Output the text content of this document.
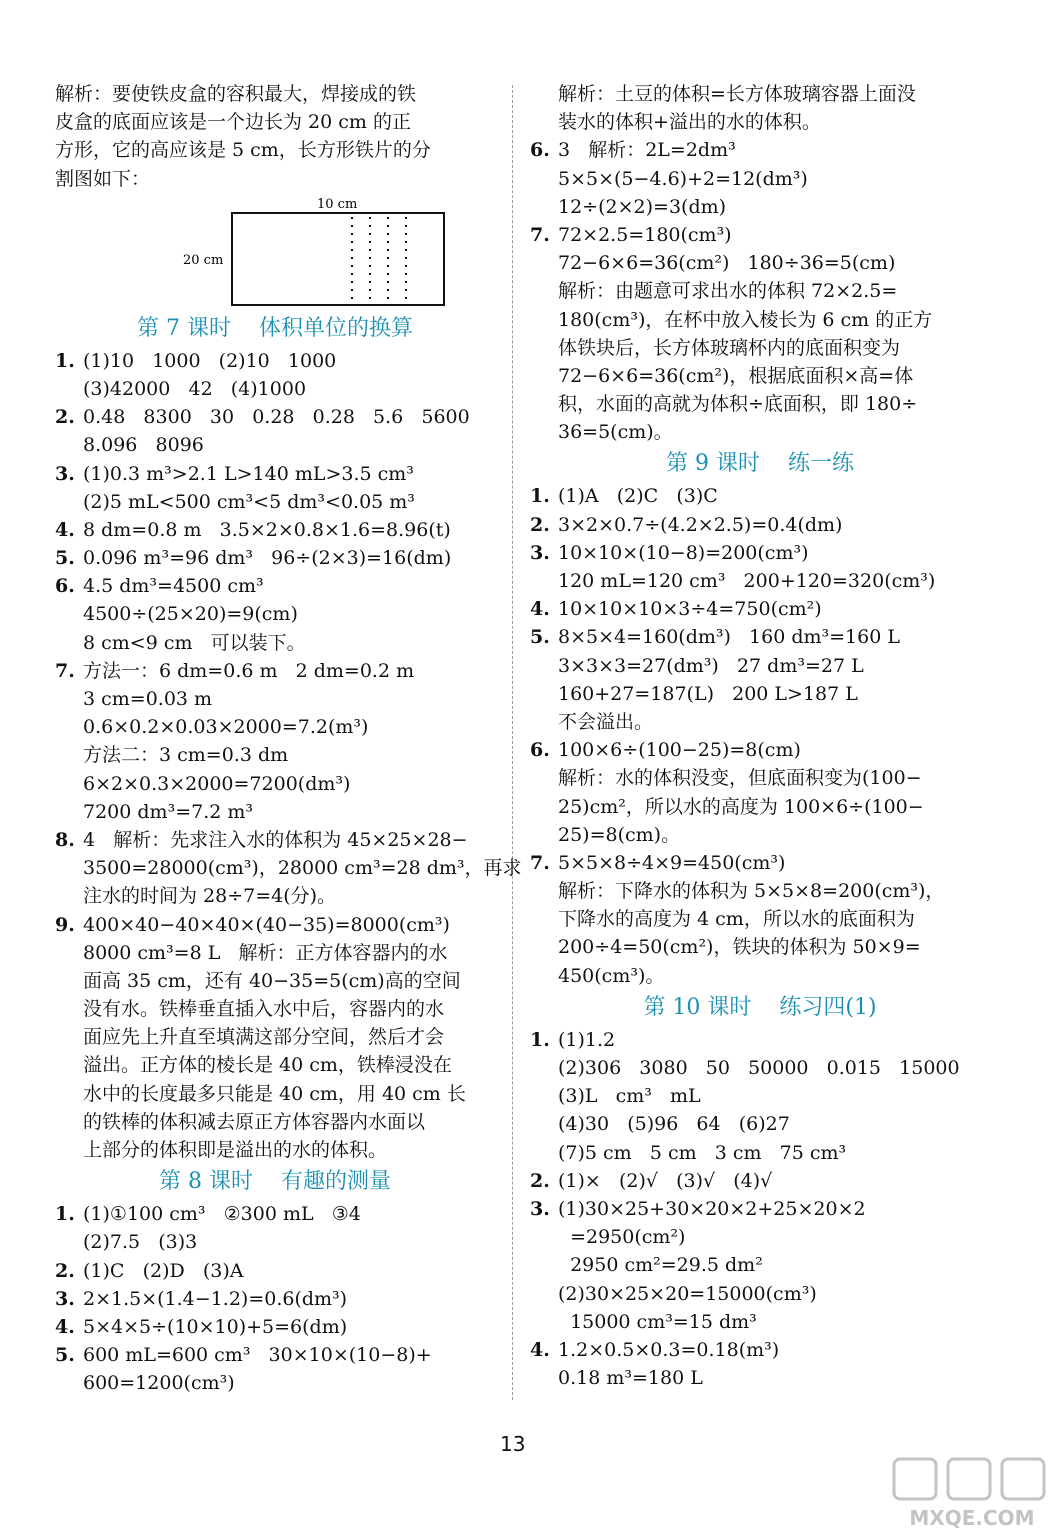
解析：要使铁皮盒的容积最大，焊接成的铁
皮盒的底面应该是一个边长为 20 cm 的正
方形，它的高应该是 5 cm，长方形铁片的分
割图如下：
10 cm
20 cm
第 7 课时    体积单位的换算
1. (1)10   1000   (2)10   1000
(3)42000   42   (4)1000
2. 0.48   8300   30   0.28   0.28   5.6   5600
8.096   8096
3. (1)0.3 m³>2.1 L>140 mL>3.5 cm³
(2)5 mL<500 cm³<5 dm³<0.05 m³
4. 8 dm=0.8 m   3.5×2×0.8×1.6=8.96(t)
5. 0.096 m³=96 dm³   96÷(2×3)=16(dm)
6. 4.5 dm³=4500 cm³
4500÷(25×20)=9(cm)
8 cm<9 cm   可以装下。
7. 方法一：6 dm=0.6 m   2 dm=0.2 m
3 cm=0.03 m
0.6×0.2×0.03×2000=7.2(m³)
方法二：3 cm=0.3 dm
6×2×0.3×2000=7200(dm³)
7200 dm³=7.2 m³
8. 4   解析：先求注入水的体积为 45×25×28−
3500=28000(cm³)，28000 cm³=28 dm³，再求
注水的时间为 28÷7=4(分)。
9. 400×40−40×40×(40−35)=8000(cm³)
8000 cm³=8 L   解析：正方体容器内的水
面高 35 cm，还有 40−35=5(cm)高的空间
没有水。铁棒垂直插入水中后，容器内的水
面应先上升直至填满这部分空间，然后才会
溢出。正方体的棱长是 40 cm，铁棒浸没在
水中的长度最多只能是 40 cm，用 40 cm 长
的铁棒的体积减去原正方体容器内水面以
上部分的体积即是溢出的水的体积。
第 8 课时    有趣的测量
1. (1)①100 cm³   ②300 mL   ③4
(2)7.5   (3)3
2. (1)C   (2)D   (3)A
3. 2×1.5×(1.4−1.2)=0.6(dm³)
4. 5×4×5÷(10×10)+5=6(dm)
5. 600 mL=600 cm³   30×10×(10−8)+
600=1200(cm³)
解析：土豆的体积=长方体玻璃容器上面没
装水的体积+溢出的水的体积。
6. 3   解析：2L=2dm³
5×5×(5−4.6)+2=12(dm³)
12÷(2×2)=3(dm)
7. 72×2.5=180(cm³)
72−6×6=36(cm²)   180÷36=5(cm)
解析：由题意可求出水的体积 72×2.5=
180(cm³)，在杯中放入棱长为 6 cm 的正方
体铁块后，长方体玻璃杯内的底面积变为
72−6×6=36(cm²)，根据底面积×高=体
积，水面的高就为体积÷底面积，即 180÷
36=5(cm)。
第 9 课时    练一练
1. (1)A   (2)C   (3)C
2. 3×2×0.7÷(4.2×2.5)=0.4(dm)
3. 10×10×(10−8)=200(cm³)
120 mL=120 cm³   200+120=320(cm³)
4. 10×10×10×3÷4=750(cm²)
5. 8×5×4=160(dm³)   160 dm³=160 L
3×3×3=27(dm³)   27 dm³=27 L
160+27=187(L)   200 L>187 L
不会溢出。
6. 100×6÷(100−25)=8(cm)
解析：水的体积没变，但底面积变为(100−
25)cm²，所以水的高度为 100×6÷(100−
25)=8(cm)。
7. 5×5×8÷4×9=450(cm³)
解析：下降水的体积为 5×5×8=200(cm³)，
下降水的高度为 4 cm，所以水的底面积为
200÷4=50(cm²)，铁块的体积为 50×9=
450(cm³)。
第 10 课时    练习四(1)
1. (1)1.2
(2)306   3080   50   50000   0.015   15000
(3)L   cm³   mL
(4)30   (5)96   64   (6)27
(7)5 cm   5 cm   3 cm   75 cm³
2. (1)×   (2)√   (3)√   (4)√
3. (1)30×25+30×20×2+25×20×2
=2950(cm²)
2950 cm²=29.5 dm²
(2)30×25×20=15000(cm³)
15000 cm³=15 dm³
4. 1.2×0.5×0.3=0.18(m³)
0.18 m³=180 L
13
MXQE.COM
